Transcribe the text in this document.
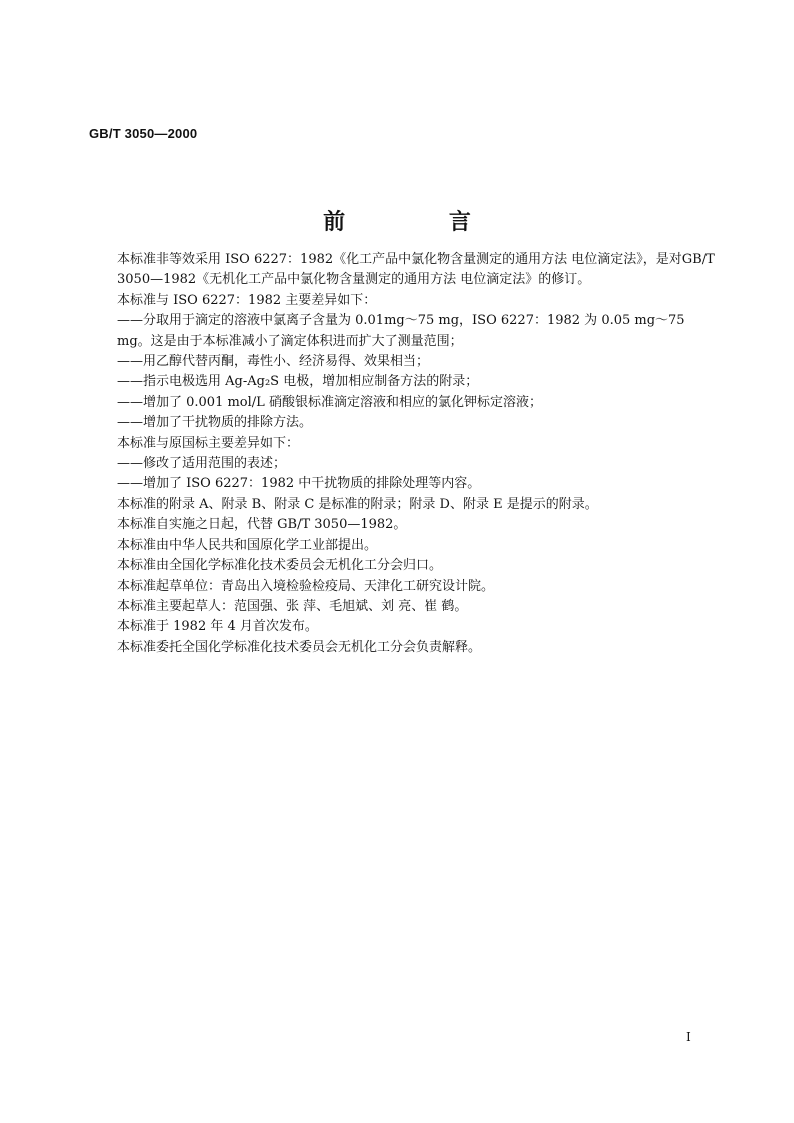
GB/T 3050—2000
前 言

本标准非等效采用 ISO 6227：1982《化工产品中氯化物含量测定的通用方法 电位滴定法》，是对GB/T 3050—1982《无机化工产品中氯化物含量测定的通用方法 电位滴定法》的修订。

本标准与 ISO 6227：1982 主要差异如下：

——分取用于滴定的溶液中氯离子含量为 0.01mg～75 mg，ISO 6227：1982 为 0.05 mg～75 mg。这是由于本标准减小了滴定体积进而扩大了测量范围；

——用乙醇代替丙酮，毒性小、经济易得、效果相当；

——指示电极选用 Ag-Ag₂S 电极，增加相应制备方法的附录；

——增加了 0.001 mol/L 硝酸银标准滴定溶液和相应的氯化钾标定溶液；

——增加了干扰物质的排除方法。

本标准与原国标主要差异如下：

——修改了适用范围的表述；

——增加了 ISO 6227：1982 中干扰物质的排除处理等内容。

本标准的附录 A、附录 B、附录 C 是标准的附录；附录 D、附录 E 是提示的附录。

本标准自实施之日起，代替 GB/T 3050—1982。

本标准由中华人民共和国原化学工业部提出。

本标准由全国化学标准化技术委员会无机化工分会归口。

本标准起草单位：青岛出入境检验检疫局、天津化工研究设计院。

本标准主要起草人：范国强、张 萍、毛旭斌、刘 亮、崔 鹤。

本标准于 1982 年 4 月首次发布。

本标准委托全国化学标准化技术委员会无机化工分会负责解释。

I
